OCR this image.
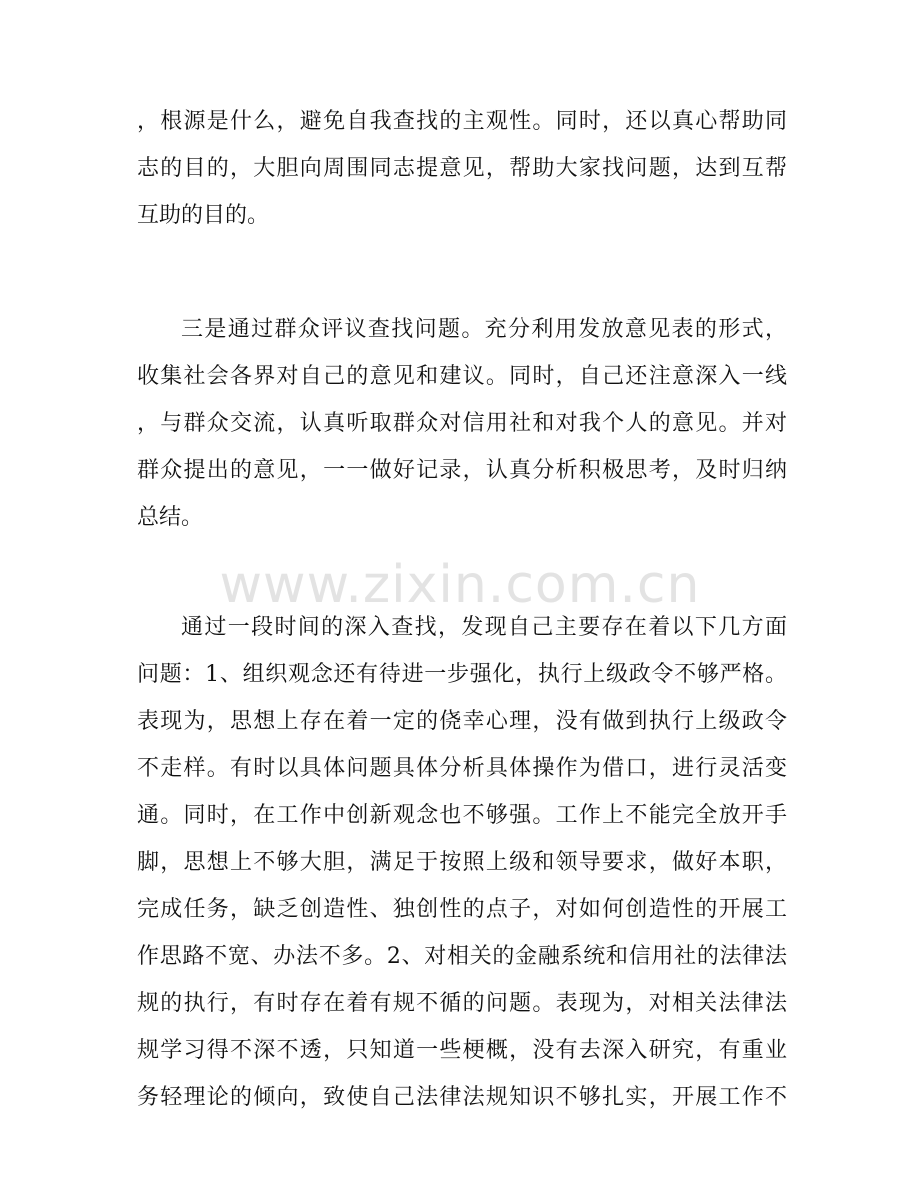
www.zixin.com.cn
，根源是什么，避免自我查找的主观性。同时，还以真心帮助同
志的目的，大胆向周围同志提意见，帮助大家找问题，达到互帮
互助的目的。
三是通过群众评议查找问题。充分利用发放意见表的形式，
收集社会各界对自己的意见和建议。同时，自己还注意深入一线
，与群众交流，认真听取群众对信用社和对我个人的意见。并对
群众提出的意见，一一做好记录，认真分析积极思考，及时归纳
总结。
通过一段时间的深入查找，发现自己主要存在着以下几方面
问题：1、组织观念还有待进一步强化，执行上级政令不够严格。
表现为，思想上存在着一定的侥幸心理，没有做到执行上级政令
不走样。有时以具体问题具体分析具体操作为借口，进行灵活变
通。同时，在工作中创新观念也不够强。工作上不能完全放开手
脚，思想上不够大胆，满足于按照上级和领导要求，做好本职，
完成任务，缺乏创造性、独创性的点子，对如何创造性的开展工
作思路不宽、办法不多。2、对相关的金融系统和信用社的法律法
规的执行，有时存在着有规不循的问题。表现为，对相关法律法
规学习得不深不透，只知道一些梗概，没有去深入研究，有重业
务轻理论的倾向，致使自己法律法规知识不够扎实，开展工作不
